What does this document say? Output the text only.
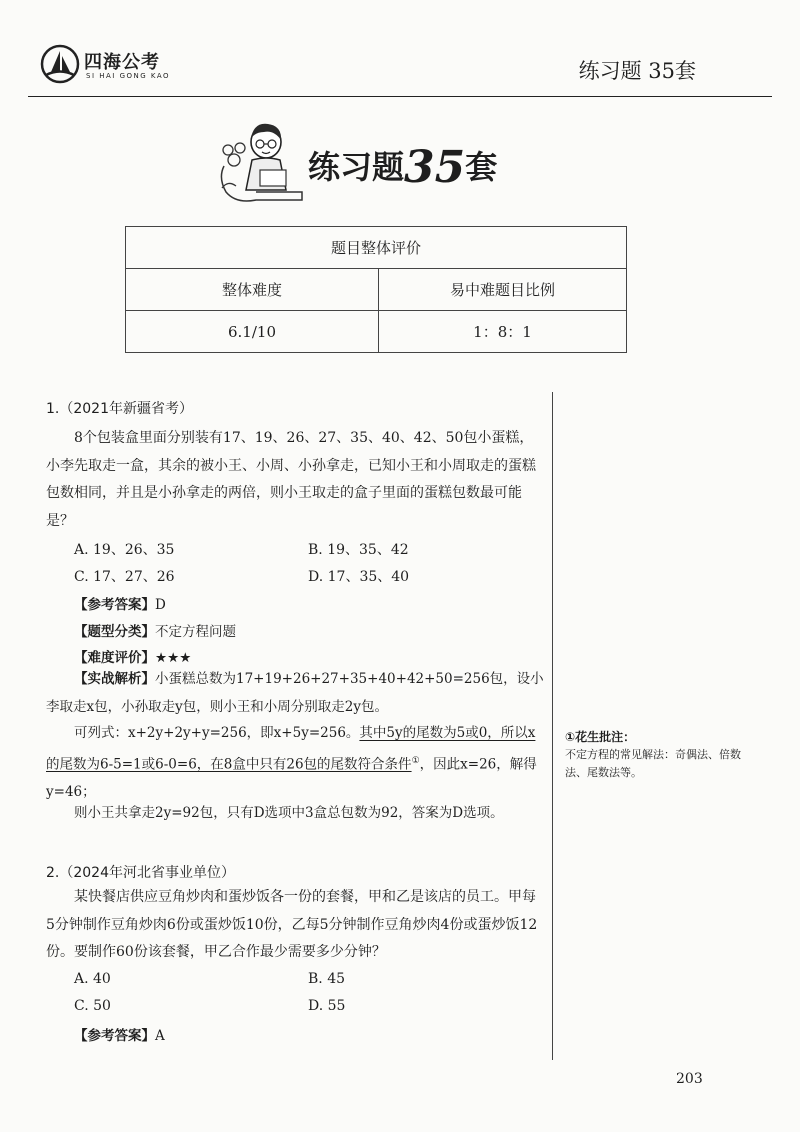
四海公考
SI HAI GONG KAO	练习题 35套
练习题35套
题目整体评价	
整体难度	易中难题目比例
6.1/10	1：8：1
1.（2021年新疆省考）
8个包装盒里面分别装有17、19、26、27、35、40、42、50包小蛋糕，小李先取走一盒，其余的被小王、小周、小孙拿走，已知小王和小周取走的蛋糕包数相同，并且是小孙拿走的两倍，则小王取走的盒子里面的蛋糕包数最可能是？
A. 19、26、35	B. 19、35、42
C. 17、27、26	D. 17、35、40
【参考答案】D
【题型分类】不定方程问题
【难度评价】★★★
【实战解析】小蛋糕总数为17+19+26+27+35+40+42+50=256包，设小李取走x包，小孙取走y包，则小王和小周分别取走2y包。
可列式：x+2y+2y+y=256，即x+5y=256。其中5y的尾数为5或0，所以x的尾数为6-5=1或6-0=6，在8盒中只有26包的尾数符合条件①，因此x=26，解得y=46；
则小王共拿走2y=92包，只有D选项中3盒总包数为92，答案为D选项。
①花生批注：
不定方程的常见解法：奇偶法、倍数法、尾数法等。
2.（2024年河北省事业单位）
某快餐店供应豆角炒肉和蛋炒饭各一份的套餐，甲和乙是该店的员工。甲每5分钟制作豆角炒肉6份或蛋炒饭10份，乙每5分钟制作豆角炒肉4份或蛋炒饭12份。要制作60份该套餐，甲乙合作最少需要多少分钟？
A. 40	B. 45
C. 50	D. 55
【参考答案】A
203
